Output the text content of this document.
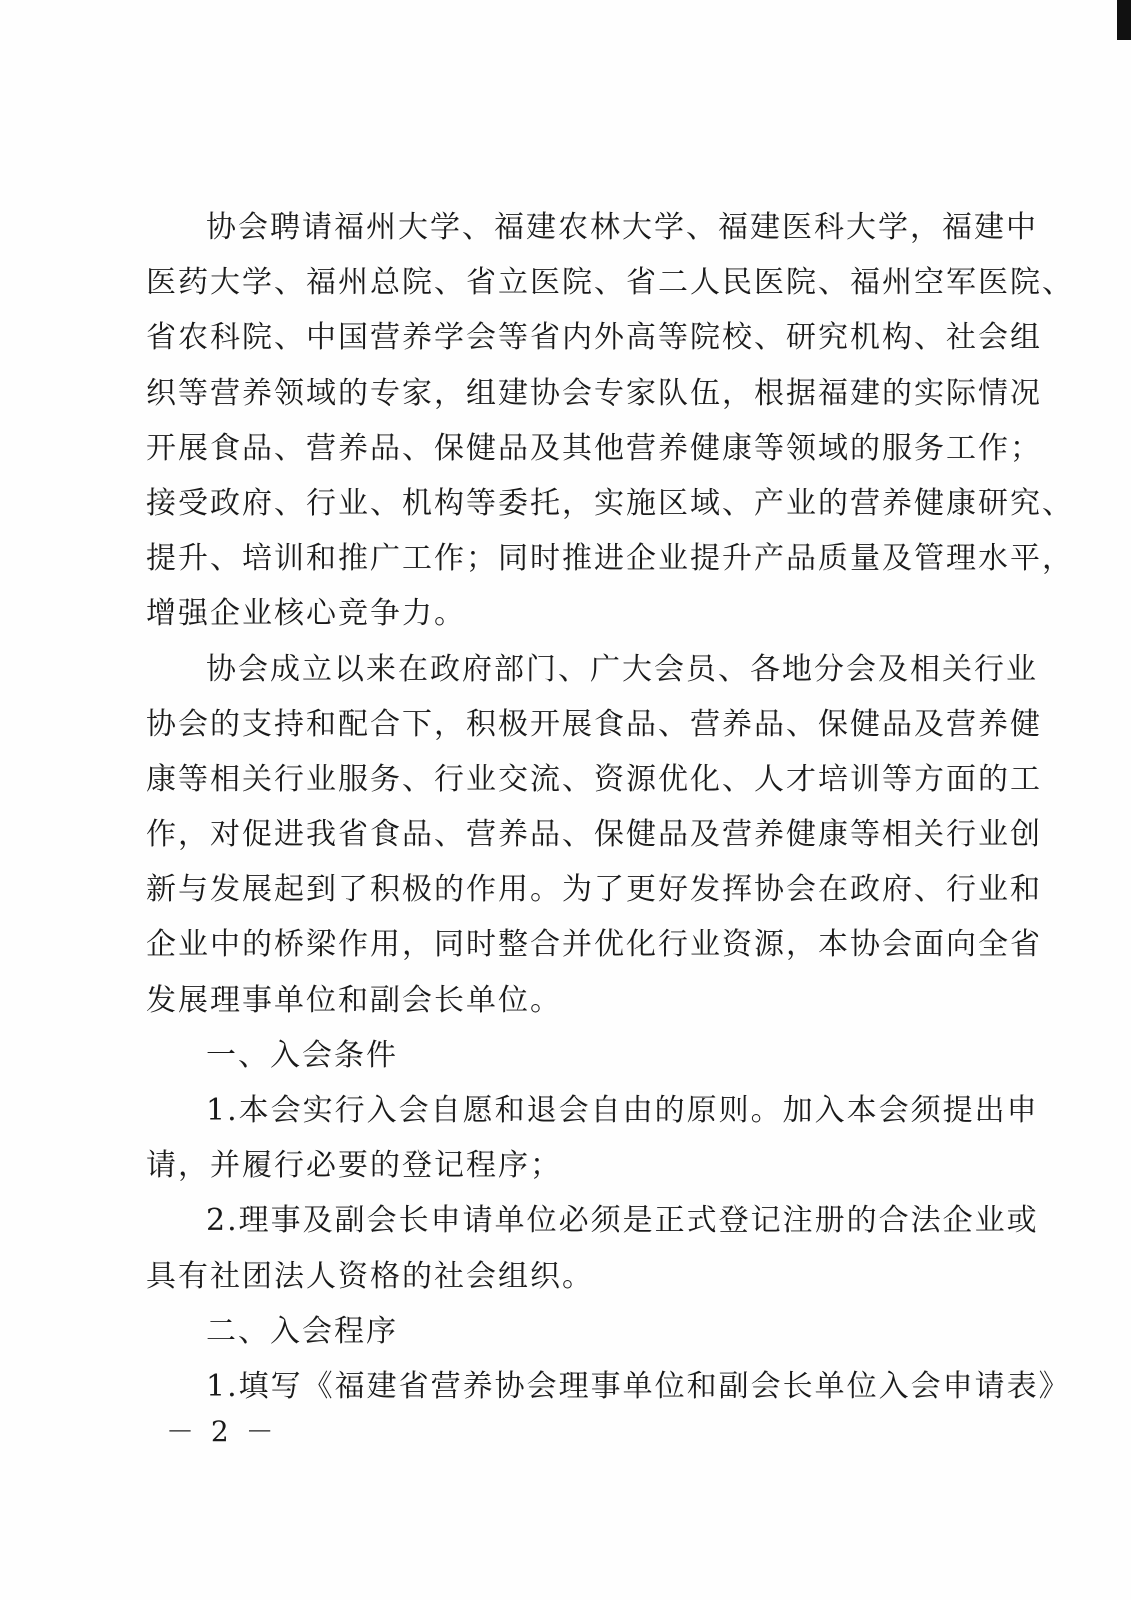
协会聘请福州大学、福建农林大学、福建医科大学，福建中
医药大学、福州总院、省立医院、省二人民医院、福州空军医院、
省农科院、中国营养学会等省内外高等院校、研究机构、社会组
织等营养领域的专家，组建协会专家队伍，根据福建的实际情况
开展食品、营养品、保健品及其他营养健康等领域的服务工作；
接受政府、行业、机构等委托，实施区域、产业的营养健康研究、
提升、培训和推广工作；同时推进企业提升产品质量及管理水平，
增强企业核心竞争力。
协会成立以来在政府部门、广大会员、各地分会及相关行业
协会的支持和配合下，积极开展食品、营养品、保健品及营养健
康等相关行业服务、行业交流、资源优化、人才培训等方面的工
作，对促进我省食品、营养品、保健品及营养健康等相关行业创
新与发展起到了积极的作用。为了更好发挥协会在政府、行业和
企业中的桥梁作用，同时整合并优化行业资源，本协会面向全省
发展理事单位和副会长单位。
一、入会条件
1.本会实行入会自愿和退会自由的原则。加入本会须提出申
请，并履行必要的登记程序；
2.理事及副会长申请单位必须是正式登记注册的合法企业或
具有社团法人资格的社会组织。
二、入会程序
1.填写《福建省营养协会理事单位和副会长单位入会申请表》
－ 2 －
